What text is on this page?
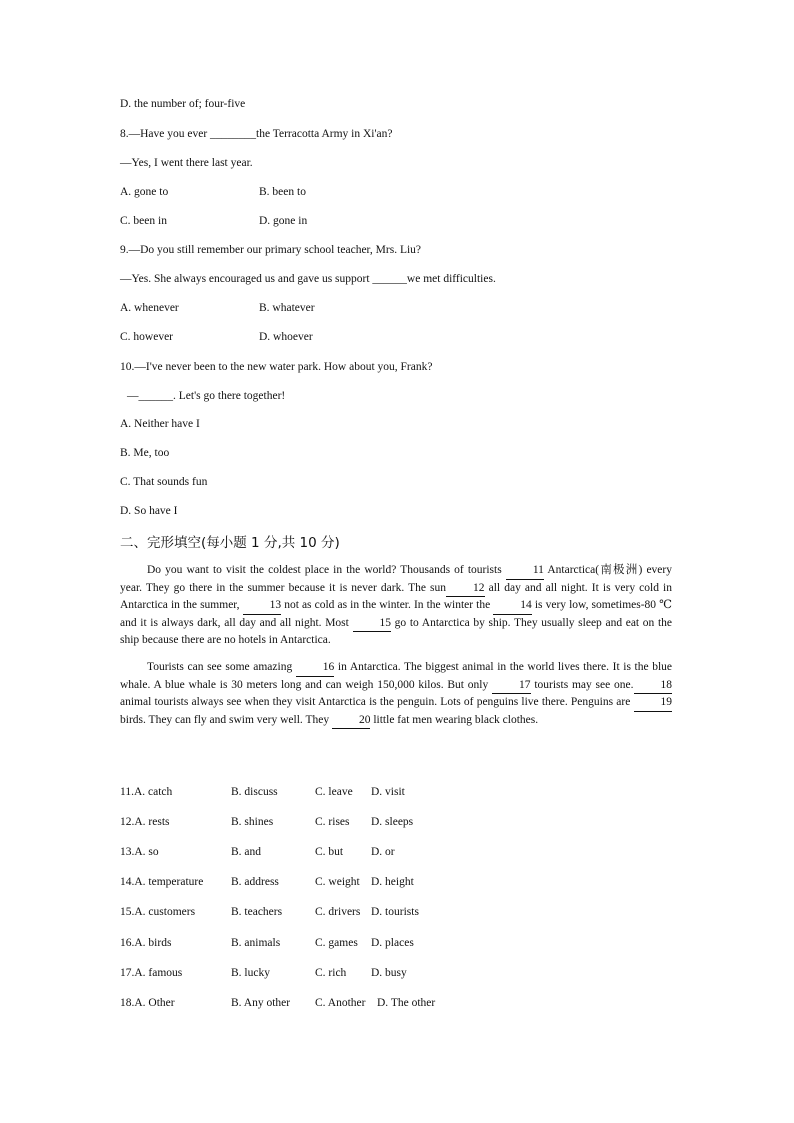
D. the number of; four-five
8.—Have you ever ________the Terracotta Army in Xi'an?
—Yes, I went there last year.
A. gone to	B. been to
C. been in	D. gone in
9.—Do you still remember our primary school teacher, Mrs. Liu?
—Yes. She always encouraged us and gave us support ______we met difficulties.
A. whenever	B. whatever
C. however	D. whoever
10.—I've never been to the new water park. How about you, Frank?
—______. Let's go there together!
A. Neither have I
B. Me, too
C. That sounds fun
D. So have I
二、完形填空(每小题 1 分,共 10 分)
Do you want to visit the coldest place in the world? Thousands of tourists 11 Antarctica(南极洲) every year. They go there in the summer because it is never dark. The sun 12 all day and all night. It is very cold in Antarctica in the summer, 13 not as cold as in the winter. In the winter the 14 is very low, sometimes-80 ℃ and it is always dark, all day and all night. Most 15 go to Antarctica by ship. They usually sleep and eat on the ship because there are no hotels in Antarctica.
Tourists can see some amazing 16 in Antarctica. The biggest animal in the world lives there. It is the blue whale. A blue whale is 30 meters long and can weigh 150,000 kilos. But only 17 tourists may see one. 18 animal tourists always see when they visit Antarctica is the penguin. Lots of penguins live there. Penguins are 19 birds. They can fly and swim very well. They 20 little fat men wearing black clothes.
11.A. catch	B. discuss	C. leave D. visit
12.A. rests	B. shines	C. rises D. sleeps
13.A. so	B. and	C. but D. or
14.A. temperature B. address	C. weight D. height
15.A. customers	B. teachers	C. drivers D. tourists
16.A. birds	B. animals	C. games D. places
17.A. famous	B. lucky	C. rich D. busy
18.A. Other	B. Any other C. Another D. The other
